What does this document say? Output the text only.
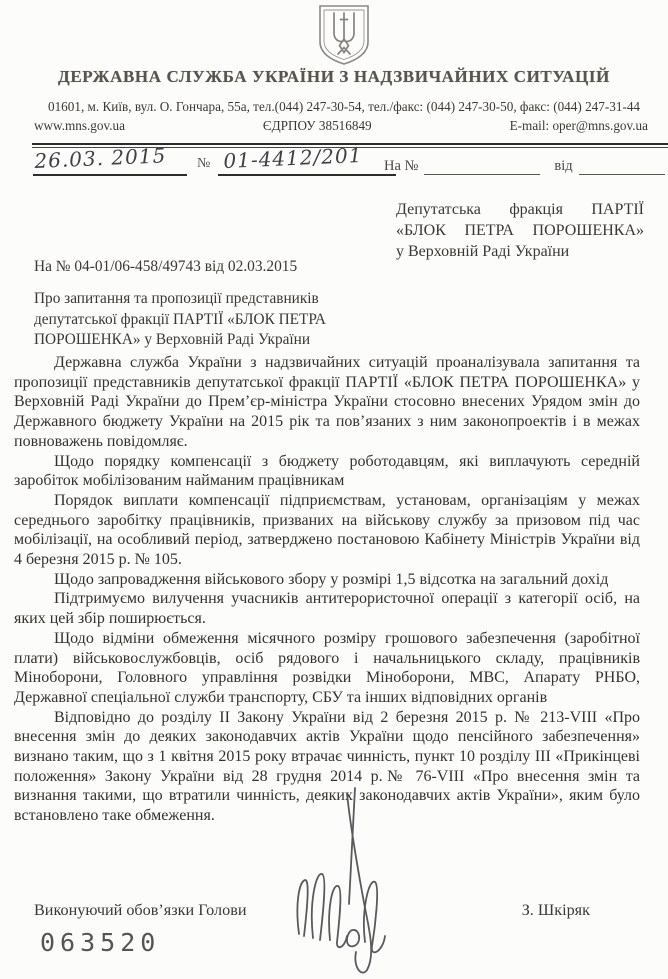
ДЕРЖАВНА СЛУЖБА УКРАЇНИ З НАДЗВИЧАЙНИХ СИТУАЦІЙ
01601, м. Київ, вул. О. Гончара, 55а, тел.(044) 247-30-54, тел./факс: (044) 247-30-50, факс: (044) 247-31-44
www.mns.gov.ua	ЄДРПОУ 38516849	E-mail: oper@mns.gov.ua
26.03. 2015	№ 01-4412/201	На №	від
Депутатська фракція ПАРТІЇ
«БЛОК ПЕТРА ПОРОШЕНКА»
у Верховній Раді України
На № 04-01/06-458/49743 від 02.03.2015
Про запитання та пропозиції представників депутатської фракції ПАРТІЇ «БЛОК ПЕТРА ПОРОШЕНКА» у Верховній Раді України

Державна служба України з надзвичайних ситуацій проаналізувала запитання та пропозиції представників депутатської фракції ПАРТІЇ «БЛОК ПЕТРА ПОРОШЕНКА» у Верховній Раді України до Прем’єр-міністра України стосовно внесених Урядом змін до Державного бюджету України на 2015 рік та пов’язаних з ним законопроектів і в межах повноважень повідомляє.

Щодо порядку компенсації з бюджету роботодавцям, які виплачують середній заробіток мобілізованим найманим працівникам

Порядок виплати компенсації підприємствам, установам, організаціям у межах середнього заробітку працівників, призваних на військову службу за призовом під час мобілізації, на особливий період, затверджено постановою Кабінету Міністрів України від 4 березня 2015 р. № 105.

Щодо запровадження військового збору у розмірі 1,5 відсотка на загальний дохід

Підтримуємо вилучення учасників антитерористочної операції з категорії осіб, на яких цей збір поширюється.

Щодо відміни обмеження місячного розміру грошового забезпечення (заробітної плати) військовослужбовців, осіб рядового і начальницького складу, працівників Міноборони, Головного управління розвідки Міноборони, МВС, Апарату РНБО, Державної спеціальної служби транспорту, СБУ та інших відповідних органів

Відповідно до розділу II Закону України від 2 березня 2015 р. № 213-VIII «Про внесення змін до деяких законодавчих актів України щодо пенсійного забезпечення» визнано таким, що з 1 квітня 2015 року втрачає чинність, пункт 10 розділу III «Прикінцеві положення» Закону України від 28 грудня 2014 р.№ 76-VIII «Про внесення змін та визнання такими, що втратили чинність, деяких законодавчих актів України», яким було встановлено таке обмеження.

Виконуючий обов’язки Голови	З. Шкіряк
063520
